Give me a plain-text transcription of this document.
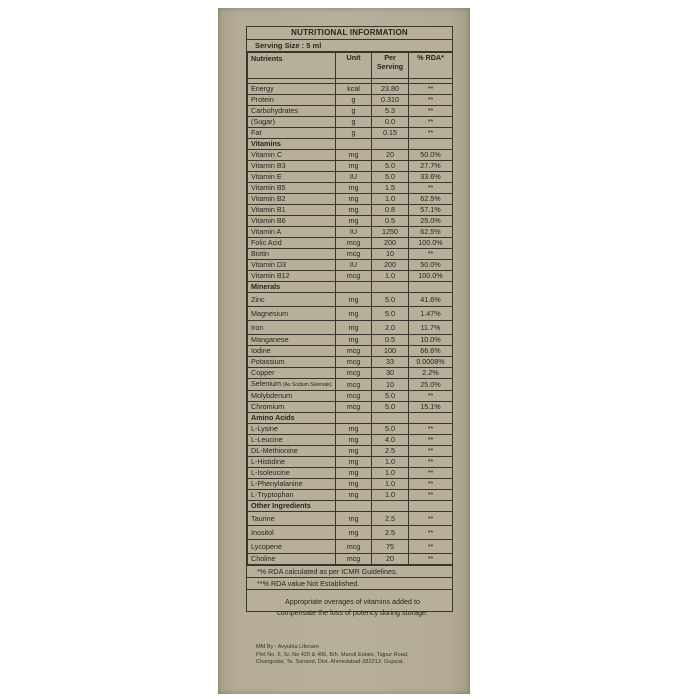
NUTRITIONAL INFORMATION
Serving Size : 5 ml
Nutrients	Unit	Per Serving	% RDA*

Energy	kcal	23.80	**
Protein	g	0.310	**
Carbohydrates	g	5.3	**
(Sugar)	g	0.0	**
Fat	g	0.15	**
Vitamins			
Vitamin C	mg	20	50.0%
Vitamin B3	mg	5.0	27.7%
Vitamin E	IU	5.0	33.6%
Vitamin B5	mg	1.5	**
Vitamin B2	mg	1.0	62.5%
Vitamin B1	mg	0.8	57.1%
Vitamin B6	mg	0.5	25.0%
Vitamin A	IU	1250	62.5%
Folic Acid	mcg	200	100.0%
Biotin	mcg	10	**
Vitamin D3	IU	200	50.0%
Vitamin B12	mcg	1.0	100.0%
Minerals			
Zinc	mg	5.0	41.6%
Magnesium	mg	5.0	1.47%
Iron	mg	2.0	11.7%
Manganese	mg	0.5	10.0%
Iodine	mcg	100	66.6%
Potassium	mcg	33	0.0008%
Copper	mcg	30	2.2%
Selenium (As Sodium Selenate)	mcg	10	25.0%
Molybdenum	mcg	5.0	**
Chromium	mcg	5.0	15.1%
Amino Acids			
L-Lysine	mg	5.0	**
L-Leucine	mg	4.0	**
DL-Methionine	mg	2.5	**
L-Histidine	mg	1.0	**
L-Isoleucine	mg	1.0	**
L-Phenylalanine	mg	1.0	**
L-Tryptophan	mg	1.0	**
Other Ingredients			
Taurine	mg	2.5	**
Inositol	mg	2.5	**
Lycopene	mcg	75	**
Choline	mcg	20	**
*% RDA calculated as per ICMR Guidelines.
**% RDA value Not Established.
Appropriate overages of vitamins added to
compensate the loss of potency during storage.
Mfd By : Avyukta Lifecare
Plot No. 6, Sr. No 420 & 496, B/h. Maruti Estate, Tajpur Road,
Changodar, Ta. Sanand, Dist. Ahmedabad-382213. Gujarat.
